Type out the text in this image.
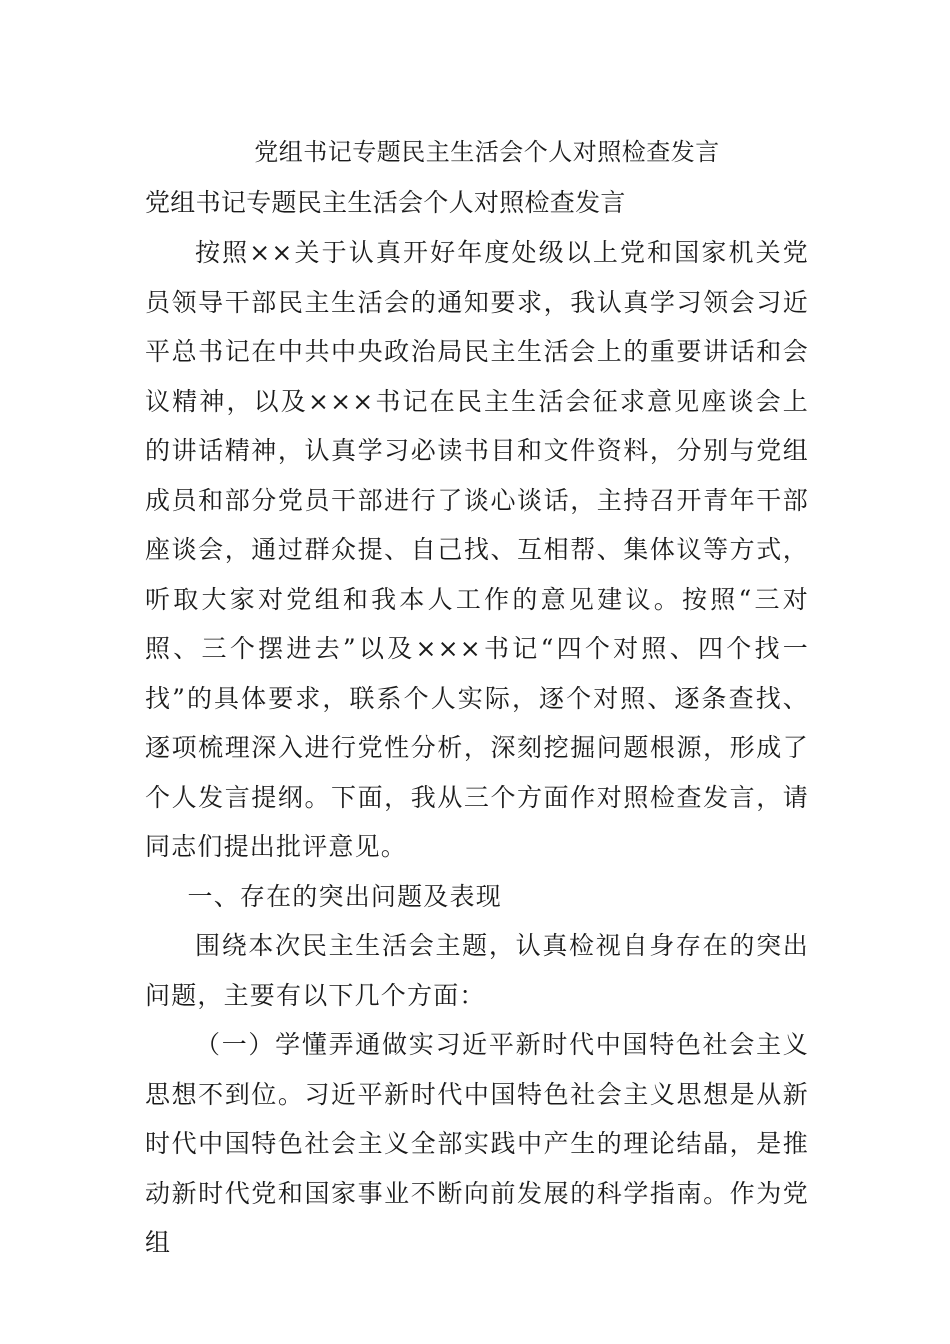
党组书记专题民主生活会个人对照检查发言
党组书记专题民主生活会个人对照检查发言

按照××关于认真开好年度处级以上党和国家机关党员领导干部民主生活会的通知要求，我认真学习领会习近平总书记在中共中央政治局民主生活会上的重要讲话和会议精神，以及×××书记在民主生活会征求意见座谈会上的讲话精神，认真学习必读书目和文件资料，分别与党组成员和部分党员干部进行了谈心谈话，主持召开青年干部座谈会，通过群众提、自己找、互相帮、集体议等方式，听取大家对党组和我本人工作的意见建议。按照“三对照、三个摆进去”以及×××书记“四个对照、四个找一找”的具体要求，联系个人实际，逐个对照、逐条查找、逐项梳理深入进行党性分析，深刻挖掘问题根源，形成了个人发言提纲。下面，我从三个方面作对照检查发言，请同志们提出批评意见。

一、存在的突出问题及表现

围绕本次民主生活会主题，认真检视自身存在的突出问题，主要有以下几个方面：

（一）学懂弄通做实习近平新时代中国特色社会主义思想不到位。习近平新时代中国特色社会主义思想是从新时代中国特色社会主义全部实践中产生的理论结晶，是推动新时代党和国家事业不断向前发展的科学指南。作为党组
